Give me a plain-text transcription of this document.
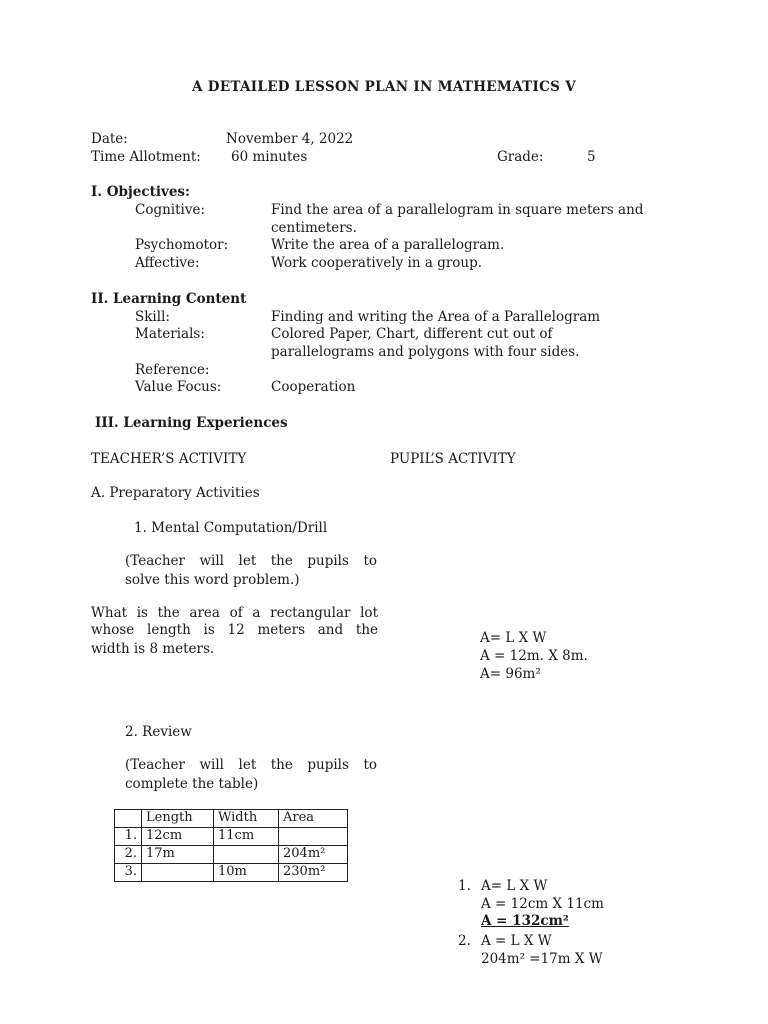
A DETAILED LESSON PLAN IN MATHEMATICS V
Date:	November 4, 2022
Time Allotment: 60 minutes	Grade:	5
I. Objectives:
Cognitive:	Find the area of a parallelogram in square meters and
centimeters.
Psychomotor:	Write the area of a parallelogram.
Affective:	Work cooperatively in a group.
II. Learning Content
Skill:	Finding and writing the Area of a Parallelogram
Materials:	Colored Paper, Chart, different cut out of
parallelograms and polygons with four sides.
Reference:
Value Focus:	Cooperation
III. Learning Experiences
TEACHER’S ACTIVITY	PUPIL’S ACTIVITY
A. Preparatory Activities
1. Mental Computation/Drill
(Teacher will let the pupils to
solve this word problem.)
What is the area of a rectangular lot
whose length is 12 meters and the
width is 8 meters.
A= L X W
A = 12m. X 8m.
A= 96m²
2. Review
(Teacher will let the pupils to
complete the table)
	Length	Width	Area
1.	12cm	11cm	
2.	17m		204m²
3.		10m	230m²
1. A= L X W
A = 12cm X 11cm
A = 132cm²
2. A = L X W
204m² =17m X W
